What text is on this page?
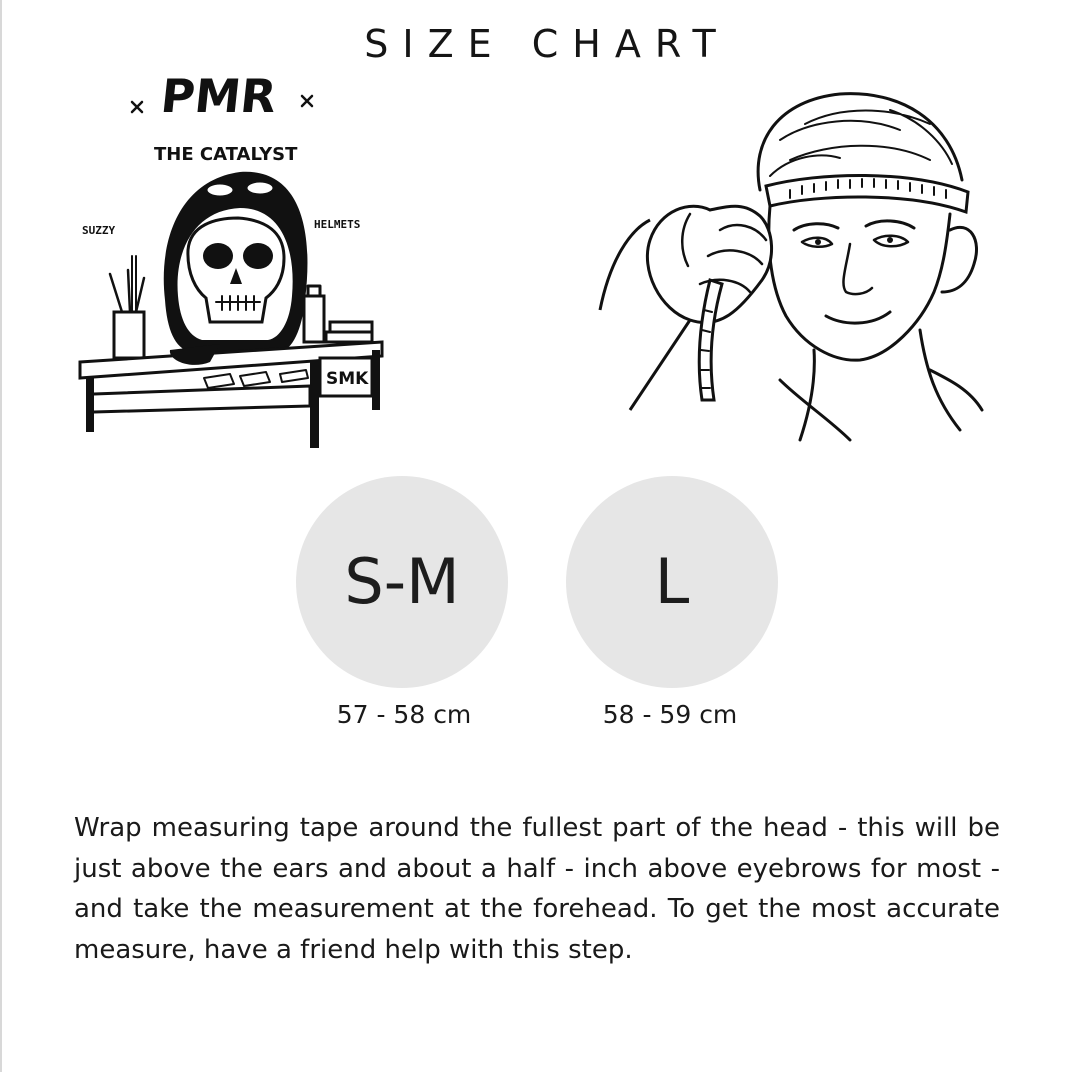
SIZE CHART
PMR
THE CATALYST
SUZZY	HELMETS
SMK
S-M	L
57 - 58 cm	58 - 59 cm

Wrap measuring tape around the fullest part of the head - this will be just above the ears and about a half - inch above eyebrows for most - and take the measurement at the forehead. To get the most accurate measure, have a friend help with this step.
